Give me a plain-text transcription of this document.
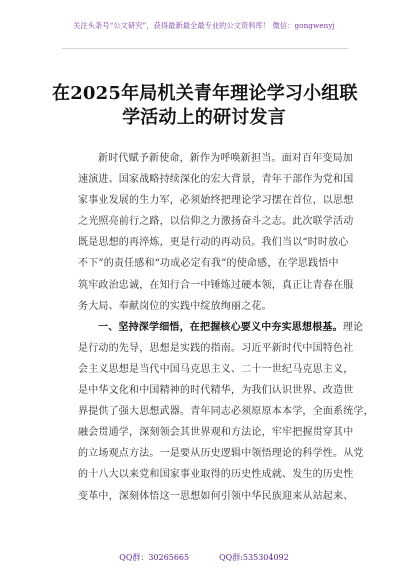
关注头条号“公文研究”，获得最新最全最专业的公文资料库！ 微信：gongwenyj
在2025年局机关青年理论学习小组联
学活动上的研讨发言
新时代赋予新使命，新作为呼唤新担当。面对百年变局加
速演进、国家战略持续深化的宏大背景，青年干部作为党和国
家事业发展的生力军，必须始终把理论学习摆在首位，以思想
之光照亮前行之路，以信仰之力激扬奋斗之志。此次联学活动
既是思想的再淬炼，更是行动的再动员。我们当以“时时放心
不下”的责任感和“功成必定有我”的使命感，在学思践悟中
筑牢政治忠诚，在知行合一中锤炼过硬本领，真正让青春在服
务大局、奉献岗位的实践中绽放绚丽之花。
一、坚持深学细悟，在把握核心要义中夯实思想根基。理论
是行动的先导，思想是实践的指南。习近平新时代中国特色社
会主义思想是当代中国马克思主义、二十一世纪马克思主义，
是中华文化和中国精神的时代精华，为我们认识世界、改造世
界提供了强大思想武器。青年同志必须原原本本学，全面系统学，
融会贯通学，深刻领会其世界观和方法论，牢牢把握贯穿其中
的立场观点方法。一是要从历史逻辑中领悟理论的科学性。从党
的十八大以来党和国家事业取得的历史性成就、发生的历史性
变革中，深刻体悟这一思想如何引领中华民族迎来从站起来、
QQ群：30265665	QQ群:535304092
